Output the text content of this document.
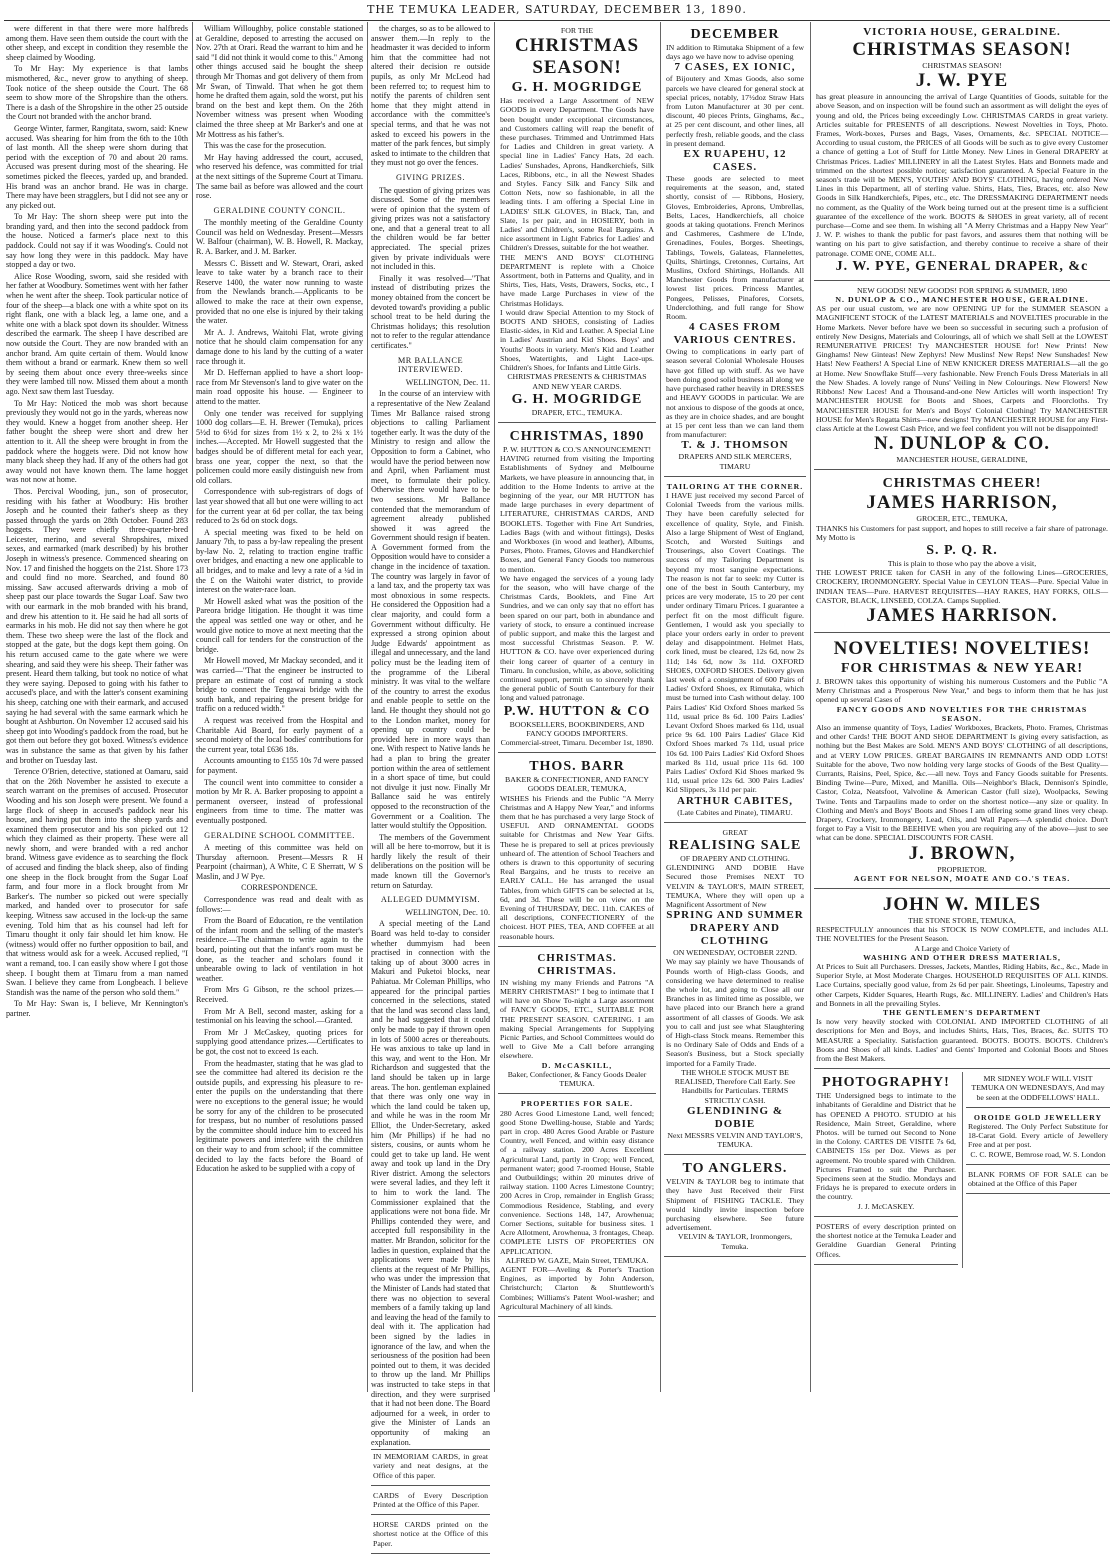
THE TEMUKA LEADER, SATURDAY, DECEMBER 13, 1890.

were different in that there were more halfbreds among them. Have seen them outside the court with the other sheep, and except in condition they resemble the sheep claimed by Wooding.

To Mr Hay: My experience is that lambs mismothered, &c., never grow to anything of sheep. Took notice of the sheep outside the Court. The 68 seem to show more of the Shropshire than the others. There is a dash of the Shropshire in the other 25 outside the Court not branded with the anchor brand.

George Winter, farmer, Rangitata, sworn, said: Knew accused. Was shearing for him from the 6th to the 10th of last month. All the sheep were shorn during that period with the exception of 70 and about 20 rams. Accused was present during most of the shearing. He sometimes picked the fleeces, yarded up, and branded. His brand was an anchor brand. He was in charge. There may have been stragglers, but I did not see any or any picked out.

To Mr Hay: The shorn sheep were put into the branding yard, and then into the second paddock from the house. Noticed a farmer's place next to this paddock. Could not say if it was Wooding's. Could not say how long they were in this paddock. May have stopped a day or two.

Alice Rose Wooding, sworn, said she resided with her father at Woodbury. Sometimes went with her father when he went after the sheep. Took particular notice of four of the sheep—a black one with a white spot on its right flank, one with a black leg, a lame one, and a white one with a black spot down its shoulder. Witness described the earmark. The sheep I have described are now outside the Court. They are now branded with an anchor brand. Am quite certain of them. Would know them without a brand or earmark. Knew them so well by seeing them about once every three-weeks since they were lambed till now. Missed them about a month ago. Next saw them last Tuesday.

To Mr Hay: Noticed the mob was short because previously they would not go in the yards, whereas now they would. Knew a hogget from another sheep. Her father bought the sheep were short and drew her attention to it. All the sheep were brought in from the paddock where the hoggets were. Did not know how many black sheep they had. If any of the others had got away would not have known them. The lame hogget was not now at home.

Thos. Percival Wooding, jun., son of prosecutor, residing with his father at Woodbury: His brother Joseph and he counted their father's sheep as they passed through the yards on 28th October. Found 283 hoggets. They were chiefly three-quarter-bred Leicester, merino, and several Shropshires, mixed sexes, and earmarked (mark described) by his brother Joseph in witness's presence. Commenced shearing on Nov. 17 and finished the hoggets on the 21st. Shore 173 and could find no more. Searched, and found 80 missing. Saw accused afterwards driving a mob of sheep past our place towards the Sugar Loaf. Saw two with our earmark in the mob branded with his brand, and drew his attention to it. He said he had all sorts of earmarks in his mob. He did not say then where he got them. These two sheep were the last of the flock and stopped at the gate, but the dogs kept them going. On his return accused came to the gate where we were shearing, and said they were his sheep. Their father was present. Heard them talking, but took no notice of what they were saying. Deposed to going with his father to accused's place, and with the latter's consent examining his sheep, catching one with their earmark, and accused saying he had several with the same earmark which he bought at Ashburton. On November 12 accused said his sheep got into Wooding's paddock from the road, but he got them out before they got boxed. Witness's evidence was in substance the same as that given by his father and brother on Tuesday last.

Terence O'Brien, detective, stationed at Oamaru, said that on the 26th November he assisted to execute a search warrant on the premises of accused. Prosecutor Wooding and his son Joseph were present. We found a large flock of sheep in accused's paddock near his house, and having put them into the sheep yards and examined them prosecutor and his son picked out 12 which they claimed as their property. These were all newly shorn, and were branded with a red anchor brand. Witness gave evidence as to searching the flock of accused and finding the black sheep, also of finding one sheep in the flock brought from the Sugar Loaf farm, and four more in a flock brought from Mr Barker's. The number so picked out were specially marked, and handed over to prosecutor for safe keeping. Witness saw accused in the lock-up the same evening. Told him that as his counsel had left for Timaru thought it only fair should let him know. He (witness) would offer no further opposition to bail, and that witness would ask for a week. Accused replied, "I want a remand, too. I can easily show where I got those sheep. I bought them at Timaru from a man named Swan. I believe they came from Longbeach. I believe Standish was the name of the person who sold them."

To Mr Hay: Swan is, I believe, Mr Kennington's partner.

William Willoughby, police constable stationed at Geraldine, deposed to arresting the accused on Nov. 27th at Orari. Read the warrant to him and he said "I did not think it would come to this." Among other things accused said he bought the sheep through Mr Thomas and got delivery of them from Mr Swan, of Tinwald. That when he got them home he drafted them again, sold the worst, put his brand on the best and kept them. On the 26th November witness was present when Wooding claimed the three sheep at Mr Barker's and one at Mr Mottress as his father's.

This was the case for the prosecution.

Mr Hay having addressed the court, accused, who reserved his defence, was committed for trial at the next sittings of the Supreme Court at Timaru. The same bail as before was allowed and the court rose.

GERALDINE COUNTY CONCIL.

The monthly meeting of the Geraldine County Council was held on Wednesday. Present—Messrs W. Balfour (chairman), W. B. Howell, R. Mackay, R. A. Barker, and J. M. Barker.

Messrs C. Bissett and W. Stewart, Orari, asked leave to take water by a branch race to their Reserve 1400, the water now running to waste from the Newlands branch.—Applicants to be allowed to make the race at their own expense, provided that no one else is injured by their taking the water.

Mr A. J. Andrews, Waitohi Flat, wrote giving notice that he should claim compensation for any damage done to his land by the cutting of a water race through it.

Mr D. Heffernan applied to have a short loop-race from Mr Stevenson's land to give water on the main road opposite his house. — Engineer to attend to the matter.

Only one tender was received for supplying 1000 dog collars—E. H. Brewer (Temuka), prices 5½d to 6½d for sizes from 1½ x 2, to 2¼ x 1½ inches.—Accepted. Mr Howell suggested that the badges should be of different metal for each year, brass one year, copper the next, so that the policemen could more easily distinguish new from old collars.

Correspondence with sub-registrars of dogs of last year showed that all but one were willing to act for the current year at 6d per collar, the tax being reduced to 2s 6d on stock dogs.

A special meeting was fixed to be held on January 7th, to pass a by-law repealing the present by-law No. 2, relating to traction engine traffic over bridges, and enacting a new one applicable to all bridges, and to make and levy a rate of a ¼d in the £ on the Waitohi water district, to provide interest on the water-race loan.

Mr Howell asked what was the position of the Pareora bridge litigation. He thought it was time the appeal was settled one way or other, and he would give notice to move at next meeting that the council call for tenders for the construction of the bridge.

Mr Howell moved, Mr Mackay seconded, and it was carried—"That the engineer be instructed to prepare an estimate of cost of running a stock bridge to connect the Tengawai bridge with the south bank, and repairing the present bridge for traffic on a reduced width."

A request was received from the Hospital and Charitable Aid Board, for early payment of a second moiety of the local bodies' contributions for the current year, total £636 18s.

Accounts amounting to £155 10s 7d were passed for payment.

The council went into committee to consider a motion by Mr R. A. Barker proposing to appoint a permanent overseer, instead of professional engineers from time to time. The matter was eventually postponed.

GERALDINE SCHOOL COMMITTEE.

A meeting of this committee was held on Thursday afternoon. Present—Messrs R H Pearpoint (chairman), A White, C E Sherratt, W S Maslin, and J W Pye.

CORRESPONDENCE.

Correspondence was read and dealt with as follows:—

From the Board of Education, re the ventilation of the infant room and the selling of the master's residence.—The chairman to write again to the board, pointing out that the infant's room must be done, as the teacher and scholars found it unbearable owing to lack of ventilation in hot weather.

From Mrs G Gibson, re the school prizes.—Received.

From Mr A Bell, second master, asking for a testimonial on his leaving the school.—Granted.

From Mr J McCaskey, quoting prices for supplying good attendance prizes.—Certificates to be got, the cost not to exceed 1s each.

From the headmaster, stating that he was glad to see the committee had altered its decision re the outside pupils, and expressing his pleasure to re-enter the pupils on the understanding that there were no exceptions to the general issue; he would be sorry for any of the children to be prosecuted for trespass, but no number of resolutions passed by the committee should induce him to exceed his legitimate powers and interfere with the children on their way to and from school; if the committee decided to lay the facts before the Board of Education he asked to be supplied with a copy of

the charges, so as to be allowed to answer them.—In reply to the headmaster it was decided to inform him that the committee had not altered their decision re outside pupils, as only Mr McLeod had been referred to; to request him to notify the parents of children sent home that they might attend in accordance with the committee's special terms, and that he was not asked to exceed his powers in the matter of the park fences, but simply asked to intimate to the children that they must not go over the fences.

GIVING PRIZES.

The question of giving prizes was discussed. Some of the members were of opinion that the system of giving prizes was not a satisfactory one, and that a general treat to all the children would be far better appreciated. The special prizes given by private individuals were not included in this.

Finally it was resolved—"That instead of distributing prizes the money obtained from the concert be devoted toward's providing a public school treat to be held during the Christmas holidays; this resolution not to refer to the regular attendance certificates."

MR BALLANCE INTERVIEWED.

WELLINGTON, Dec. 11.

In the course of an interview with a representative of the New Zealand Times Mr Ballance raised strong objections to calling Parliament together early. It was the duty of the Ministry to resign and allow the Opposition to form a Cabinet, who would have the period between now and April, when Parliament must meet, to formulate their policy. Otherwise there would have to be two sessions. Mr Ballance contended that the memorandum of agreement already published showed it was agreed the Government should resign if beaten. A Government formed from the Opposition would have to consider a change in the incidence of taxation. The country was largely in favor of a land tax, and the property tax was most obnoxious in some respects. He considered the Opposition had a clear majority, and could form a Government without difficulty. He expressed a strong opinion about Judge Edwards' appointment as illegal and unnecessary, and the land policy must be the leading item of the programme of the Liberal ministry. It was vital to the welfare of the country to arrest the exodus and enable people to settle on the land. He thought they should not go to the London market, money for opening up country could be provided here in more ways than one. With respect to Native lands he had a plan to bring the greater portion within the area of settlement in a short space of time, but could not divulge it just now. Finally Mr Ballance said he was entirely opposed to the reconstruction of the Government or a Coalition. The latter would stultify the Opposition.

The members of the Government will all be here to-morrow, but it is hardly likely the result of their deliberations on the position will be made known till the Governor's return on Saturday.

ALLEGED DUMMYISM.

WELLINGTON, Dec. 10.

A special meeting of the Land Board was held to-day to consider whether dummyism had been practised in connection with the taking up of about 3000 acres in Makuri and Puketoi blocks, near Pahiatua. Mr Coleman Phillips, who appeared for the principal parties concerned in the selections, stated that the land was second class land, and he had suggested that it could only be made to pay if thrown open in lots of 5000 acres or thereabouts. He was anxious to take up land in this way, and went to the Hon. Mr Richardson and suggested that the land should be taken up in large areas. The hon. gentleman explained that there was only one way in which the land could be taken up, and while he was in the room Mr Elliot, the Under-Secretary, asked him (Mr Phillips) if he had no sisters, cousins, or aunts whom he could get to take up land. He went away and took up land in the Dry River district. Among the selectors were several ladies, and they left it to him to work the land. The Commissioner explained that the applications were not bona fide. Mr Phillips contended they were, and accepted full responsibility in the matter. Mr Brandon, solicitor for the ladies in question, explained that the applications were made by his clients at the request of Mr Phillips, who was under the impression that the Minister of Lands had stated that there was no objection to several members of a family taking up land and leaving the head of the family to deal with it. The application had been signed by the ladies in ignorance of the law, and when the seriousness of the position had been pointed out to them, it was decided to throw up the land. Mr Phillips was instructed to take steps in that direction, and they were surprised that it had not been done. The Board adjourned for a week, in order to give the Minister of Lands an opportunity of making an explanation.

IN MEMORIAM CARDS, in great variety and neat designs, at the Office of this paper.
CARDS of Every Description Printed at the Office of this Paper.
HORSE CARDS printed on the shortest notice at the Office of this Paper.
FOR THE
CHRISTMAS SEASON!
G. H. MOGRIDGE
Has received a Large Assortment of NEW GOODS in every Department. The Goods have been bought under exceptional circumstances, and Customers calling will reap the benefit of these purchases. Trimmed and Untrimmed Hats for Ladies and Children in great variety. A special line in Ladies' Fancy Hats, 2d each. Ladies' Sunshades, Aprons, Handkerchiefs, Silk Laces, Ribbons, etc., in all the Newest Shades and Styles. Fancy Silk and Fancy Silk and Cotton Nets, now so fashionable, in all the leading tints. I am offering a Special Line in LADIES' SILK GLOVES, in Black, Tan, and Slate, 1s per pair, and in HOSIERY, both in Ladies' and Children's, some Real Bargains. A nice assortment in Light Fabrics for Ladies' and Children's Dresses, suitable for the hot weather.
THE MEN'S AND BOYS' CLOTHING DEPARTMENT is replete with a Choice Assortment, both in Patterns and Quality, and in Shirts, Ties, Hats, Vests, Drawers, Socks, etc., I have made Large Purchases in view of the Christmas Holidays.
I would draw Special Attention to my Stock of BOOTS AND SHOES, consisting of Ladies Elastic-sides, in Kid and Leather. A Special Line in Ladies' Austrian and Kid Shoes. Boys' and Youths' Boots in variety. Men's Kid and Leather Shoes, Watertights, and Light Lace-ups. Children's Shoes, for Infants and Little Girls.
CHRISTMAS PRESENTS & CHRISTMAS AND NEW YEAR CARDS.
G. H. MOGRIDGE
DRAPER, ETC., TEMUKA.
CHRISTMAS, 1890
P. W. HUTTON & CO.'S ANNOUNCEMENT!
HAVING returned from visiting the Importing Establishments of Sydney and Melbourne Markets, we have pleasure in announcing that, in addition to the Home Indents to arrive at the beginning of the year, our MR HUTTON has made large purchases in every department of LITERATURE, CHRISTMAS CARDS, AND BOOKLETS. Together with Fine Art Sundries, Ladies Bags (with and without fittings), Desks and Workboxes (in wood and leather), Albums, Purses, Photo. Frames, Gloves and Handkerchief Boxes, and General Fancy Goods too numerous to mention.
We have engaged the services of a young lady for the season, who will have charge of the Christmas Cards, Booklets, and Fine Art Sundries, and we can only say that no effort has been spared on our part, both in abundance and variety of stock, to ensure a continued increase of public support, and make this the largest and most successful Christmas Season. P. W. HUTTON & CO. have over experienced during their long career of quarter of a century in Timaru. In conclusion, while, as above, soliciting continued support, permit us to sincerely thank the general public of South Canterbury for their long and valued patronage.
P.W. HUTTON & CO
BOOKSELLERS, BOOKBINDERS, AND FANCY GOODS IMPORTERS.
Commercial-street, Timaru. December 1st, 1890.
THOS. BARR
BAKER & CONFECTIONER, AND FANCY GOODS DEALER, TEMUKA,
WISHES his Friends and the Public "A Merry Christmas and A Happy New Year," and informs them that he has purchased a very large Stock of USEFUL AND ORNAMENTAL GOODS suitable for Christmas and New Year Gifts. These he is prepared to sell at prices previously unheard of. The attention of School Teachers and others is drawn to this opportunity of securing Real Bargains, and he trusts to receive an EARLY CALL. He has arranged the usual Tables, from which GIFTS can be selected at 1s, 6d, and 3d. These will be on view on the Evening of THURSDAY, DEC. 11th. CAKES of all descriptions, CONFECTIONERY of the choicest. HOT PIES, TEA, AND COFFEE at all reasonable hours.
CHRISTMAS. CHRISTMAS.
IN wishing my many Friends and Patrons "A MERRY CHRISTMAS!" I beg to intimate that I will have on Show To-night a Large assortment of FANCY GOODS, ETC., SUITABLE FOR THE PRESENT SEASON. CATERING. I am making Special Arrangements for Supplying Picnic Parties, and School Committees would do well to Give Me a Call before arranging elsewhere.
D. McCASKILL,
Baker, Confectioner, & Fancy Goods Dealer TEMUKA.
PROPERTIES FOR SALE.
280 Acres Good Limestone Land, well fenced; good Stone Dwelling-house, Stable and Yards; part in crop. 480 Acres Good Arable or Pasture Country, well Fenced, and within easy distance of a railway station. 200 Acres Excellent Agricultural Land, partly in Crop; well Fenced, permanent water; good 7-roomed House, Stable and Outbuildings; within 20 minutes drive of railway station. 1100 Acres Limestone Country; 200 Acres in Crop, remainder in English Grass; Commodious Residence, Stabling, and every convenience. Sections 148, 147, Arowhenua; Corner Sections, suitable for business sites. 1 Acre Allotment, Arowhenua, 3 frontages, Cheap. COMPLETE LISTS OF PROPERTIES ON APPLICATION.
ALFRED W. GAZE, Main Street, TEMUKA.
AGENT FOR—Aveling & Porter's Traction Engines, as imported by John Anderson, Christchurch; Clarton & Shuttleworth's Combines; Williams's Patent Wool-washer; and Agricultural Machinery of all kinds.
DECEMBER
IN addition to Rimutaka Shipment of a few days ago we have now to advise opening
7 CASES, EX IONIC,
of Bijoutery and Xmas Goods, also some parcels we have cleared for general stock at special prices, notably, 17½doz Straw Hats from Luton Manufacturer at 30 per cent. discount, 40 pieces Prints, Ginghams, &c., at 25 per cent discount, and other lines, all perfectly fresh, reliable goods, and the class in present demand.
EX RUAPEHU, 12 CASES.
These goods are selected to meet requirements at the season, and, stated shortly, consist of — Ribbons, Hosiery, Gloves, Embroideries, Aprons, Umbrellas, Belts, Laces, Handkerchiefs, all choice goods at taking quotations. French Merinos and Cashmeres, Cashmere de L'Inde, Grenadines, Foules, Borges. Sheetings, Tablings, Towels, Galateas, Flannelettes, Quilts, Shirtings, Cretonnes, Curtains, Art Muslins, Oxford Shirtings, Hollands. All Manchester Goods from manufacturer at lowest list prices. Princess Mantles, Pongees, Pelisses, Pinafores, Corsets, Underclothing, and full range for Show Room.
4 CASES FROM VARIOUS CENTRES.
Owing to complications in early part of season several Colonial Wholesale Houses have got filled up with stuff. As we have been doing good solid business all along we have purchased rather heavily in DRESSES and HEAVY GOODS in particular. We are not anxious to dispose of the goods at once, as they are in choice shades, and are bought at 15 per cent less than we can land them from manufacturer:
T. & J. THOMSON
DRAPERS AND SILK MERCERS, TIMARU
TAILORING AT THE CORNER.
I HAVE just received my second Parcel of Colonial Tweeds from the various mills. They have been carefully selected for excellence of quality, Style, and Finish. Also a large Shipment of West of England, Scotch, and Worsted Suitings and Trouserings, also Covert Coatings. The success of my Tailoring Department is beyond my most sanguine expectations. The reason is not far to seek: my Cutter is one of the best in South Canterbury, my prices are very moderate, 15 to 20 per cent under ordinary Timaru Prices. I guarantee a perfect fit on the most difficult figure. Gentlemen, I would ask you specially to place your orders early in order to prevent delay and disappointment. Helmet Hats, cork lined, must be cleared, 12s 6d, now 2s 11d; 14s 6d, now 3s 11d. OXFORD SHOES, OXFORD SHOES. Delivery given last week of a consignment of 600 Pairs of Ladies' Oxford Shoes, ex Rimutaka, which must be turned into Cash without delay. 100 Pairs Ladies' Kid Oxford Shoes marked 5s 11d, usual price 8s 6d. 100 Pairs Ladies' Levant Oxford Shoes marked 6s 11d, usual price 9s 6d. 100 Pairs Ladies' Glace Kid Oxford Shoes marked 7s 11d, usual price 10s 6d. 100 Pairs Ladies' Kid Oxford Shoes marked 8s 11d, usual price 11s 6d. 100 Pairs Ladies' Oxford Kid Shoes marked 9s 11d, usual price 12s 6d. 300 Pairs Ladies' Kid Slippers, 3s 11d per pair.
ARTHUR CABITES,
(Late Cabites and Pinate), TIMARU.
GREAT
REALISING SALE
OF DRAPERY AND CLOTHING.
GLENDINING AND DOBIE Have Secured those Premises NEXT TO VELVIN & TAYLOR'S, MAIN STREET, TEMUKA, Where they will open up a Magnificent Assortment of New
SPRING AND SUMMER DRAPERY AND CLOTHING
ON WEDNESDAY, OCTOBER 22ND.
We may say plainly we have Thousands of Pounds worth of High-class Goods, and considering we have determined to realise the whole lot, and going to Close all our Branches in as limited time as possible, we have placed into our Branch here a grand assortment of all classes of Goods. We ask you to call and just see what Slaughtering of High-class Stock means. Remember this is no Ordinary Sale of Odds and Ends of a Season's Business, but a Stock specially imported for a Family Trade.
THE WHOLE STOCK MUST BE REALISED, Therefore Call Early. See Handbills for Particulars. TERMS STRICTLY CASH.
GLENDINING & DOBIE
Next MESSRS VELVIN AND TAYLOR'S, TEMUKA.
TO ANGLERS.
VELVIN & TAYLOR beg to intimate that they have Just Received their First Shipment of FISHING TACKLE. They would kindly invite inspection before purchasing elsewhere. See future advertisement.
VELVIN & TAYLOR, Ironmongers, Temuka.
VICTORIA HOUSE, GERALDINE.
CHRISTMAS SEASON!
CHRISTMAS SEASON!
J. W. PYE
has great pleasure in announcing the arrival of Large Quantities of Goods, suitable for the above Season, and on inspection will be found such an assortment as will delight the eyes of young and old, the Prices being exceedingly Low. CHRISTMAS CARDS in great variety. Articles suitable for PRESENTS of all descriptions. Newest Novelties in Toys, Photo. Frames, Work-boxes, Purses and Bags, Vases, Ornaments, &c. SPECIAL NOTICE—According to usual custom, the PRICES of all Goods will be such as to give every Customer a chance of getting a Lot of Stuff for Little Money. New Lines in General DRAPERY at Christmas Prices. Ladies' MILLINERY in all the Latest Styles. Hats and Bonnets made and trimmed on the shortest possible notice; satisfaction guaranteed. A Special Feature in the season's trade will be MEN'S, YOUTHS' AND BOYS' CLOTHING, having ordered New Lines in this Department, all of sterling value. Shirts, Hats, Ties, Braces, etc. also New Goods in Silk Handkerchiefs, Pipes, etc., etc. The DRESSMAKING DEPARTMENT needs no comment, as the Quality of the Work being turned out at the present time is a sufficient guarantee of the excellence of the work. BOOTS & SHOES in great variety, all of recent purchase—Come and see them. In wishing all "A Merry Christmas and a Happy New Year" J. W. P. wishes to thank the public for past favors, and assures them that nothing will be wanting on his part to give satisfaction, and thereby continue to receive a share of their patronage. COME ONE, COME ALL.
J. W. PYE, GENERAL DRAPER, &c
NEW GOODS! NEW GOODS! FOR SPRING & SUMMER, 1890
N. DUNLOP & CO., MANCHESTER HOUSE, GERALDINE.
AS per our usual custom, we are now OPENING UP for the SUMMER SEASON a MAGNIFICENT STOCK of the LATEST MATERIALS and NOVELTIES procurable in the Home Markets. Never before have we been so successful in securing such a profusion of entirely New Designs, Materials and Colourings, all of which we shall Sell at the LOWEST REMUNERATIVE PRICES! Try MANCHESTER HOUSE for! New Prints! New Ginghams! New Ginteas! New Zephyrs! New Muslins! New Reps! New Sunshades! New Hats! New Feathers! A Special Line of NEW KNICKER DRESS MATERIALS—all the go at Home. New Snowflake Stuff—very fashionable. New French Fouls Dress Materials in all the New Shades. A lovely range of Nuns' Veiling in New Colourings. New Flowers! New Ribbons! New Laces! And a Thousand-and-one New Articles will worth inspection! Try MANCHESTER HOUSE for Boots and Shoes, Carpets and Floorcloths. Try MANCHESTER HOUSE for Men's and Boys' Colonial Clothing! Try MANCHESTER HOUSE for Men's Regatta Shirts—new designs! Try MANCHESTER HOUSE for any First-class Article at the Lowest Cash Price, and we feel confident you will not be disappointed!
N. DUNLOP & CO.
MANCHESTER HOUSE, GERALDINE,
CHRISTMAS CHEER!
JAMES HARRISON,
GROCER, ETC., TEMUKA,
THANKS his Customers for past support, and hopes to still receive a fair share of patronage. My Motto is
S. P. Q. R.
This is plain to those who pay the above a visit,
THE LOWEST PRICE taken for CASH in any of the following Lines—GROCERIES, CROCKERY, IRONMONGERY. Special Value in CEYLON TEAS—Pure. Special Value in INDIAN TEAS—Pure. HARVEST REQUISITES—HAY RAKES, HAY FORKS, OILS—CASTOR, BLACK, LINSEED, COLZA. Camps Supplied.
JAMES HARRISON.
NOVELTIES! NOVELTIES!
FOR CHRISTMAS & NEW YEAR!
J. BROWN takes this opportunity of wishing his numerous Customers and the Public "A Merry Christmas and a Prosperous New Year," and begs to inform them that he has just opened up several Cases of
FANCY GOODS AND NOVELTIES FOR THE CHRISTMAS SEASON.
Also an immense quantity of Toys, Ladies' Workboxes, Brackets, Photo. Frames, Christmas and other Cards! THE BOOT AND SHOE DEPARTMENT Is giving every satisfaction, as nothing but the Best Makes are Sold. MEN'S AND BOYS' CLOTHING of all descriptions, and at VERY LOW PRICES. GREAT BARGAINS IN REMNANTS AND ODD LOTS! Suitable for the above, Two now holding very large stocks of Goods of the Best Quality—Currants, Raisins, Peel, Spice, &c.—all new. Toys and Fancy Goods suitable for Presents. Binding Twine—Pure, Mixed, and Manilla. Oils—Neighbor's Black, Dennison's Spindle, Castor, Colza, Neatsfoot, Valvoline & American Castor (full size), Woolpacks, Sewing Twine. Tents and Tarpaulins made to order on the shortest notice—any size or quality. In Clothing and Men's and Boys' Boots and Shoes I am offering some grand lines very cheap. Drapery, Crockery, Ironmongery, Lead, Oils, and Wall Papers—A splendid choice. Don't forget to Pay a Visit to the BEEHIVE when you are requiring any of the above—just to see what can be done. SPECIAL DISCOUNTS FOR CASH.
J. BROWN,
PROPRIETOR.
AGENT FOR NELSON, MOATE AND CO.'S TEAS.
JOHN W. MILES
THE STONE STORE, TEMUKA,
RESPECTFULLY announces that his STOCK IS NOW COMPLETE, and includes ALL THE NOVELTIES for the Present Season.
A Large and Choice Variety of
WASHING AND OTHER DRESS MATERIALS,
At Prices to Suit all Purchasers. Dresses, Jackets, Mantles, Riding Habits, &c., &c., Made in Superior Style, at Most Moderate Charges. HOUSEHOLD REQUISITES OF ALL KINDS. Lace Curtains, specially good value, from 2s 6d per pair. Sheetings, Linoleums, Tapestry and other Carpets, Kidder Squares, Hearth Rugs, &c. MILLINERY. Ladies' and Children's Hats and Bonnets in all the prevailing Styles.
THE GENTLEMEN'S DEPARTMENT
Is now very heavily stocked with COLONIAL AND IMPORTED CLOTHING of all descriptions for Men and Boys, and includes Shirts, Hats, Ties, Braces, &c. SUITS TO MEASURE a Speciality. Satisfaction guaranteed. BOOTS. BOOTS. BOOTS. Children's Boots and Shoes of all kinds. Ladies' and Gents' Imported and Colonial Boots and Shoes from the Best Makers.
PHOTOGRAPHY!
THE Undersigned begs to intimate to the inhabitants of Geraldine and District that he has OPENED A PHOTO. STUDIO at his Residence, Main Street, Geraldine, where Photos. will be turned out Second to None in the Colony. CARTES DE VISITE 7s 6d, CABINETS 15s per Doz. Views as per agreement. No trouble spared with Children. Pictures Framed to suit the Purchaser. Specimens seen at the Studio. Mondays and Fridays he is prepared to execute orders in the country.
J. J. McCASKEY.
POSTERS of every description printed on the shortest notice at the Temuka Leader and Geraldine Guardian General Printing Offices.
MR SIDNEY WOLF WILL VISIT TEMUKA ON WEDNESDAYS, And may be seen at the ODDFELLOWS' HALL.
OROIDE GOLD JEWELLERY
Registered. The Only Perfect Substitute for 18-Carat Gold. Every article of Jewellery Free and at per post.
C. C. ROWE, Bemrose road, W. S. London
BLANK FORMS OF FOR SALE can be obtained at the Office of this Paper
